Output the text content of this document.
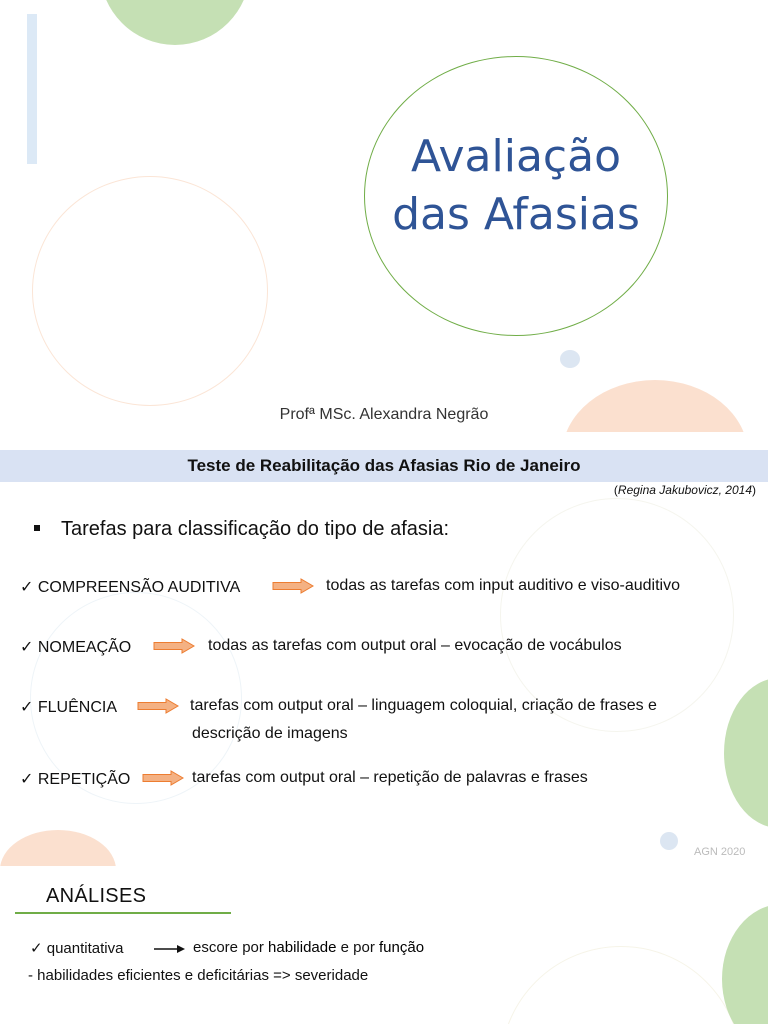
Avaliação
das Afasias
Profª MSc. Alexandra Negrão
Teste de Reabilitação das Afasias Rio de Janeiro
(Regina Jakubovicz, 2014)
Tarefas para classificação do tipo de afasia:
✓ COMPREENSÃO AUDITIVA	todas as tarefas com input auditivo e viso-auditivo
✓ NOMEAÇÃO	todas as tarefas com output oral – evocação de vocábulos
✓ FLUÊNCIA	tarefas com output oral – linguagem coloquial, criação de frases e
descrição de imagens
✓ REPETIÇÃO	tarefas com output oral – repetição de palavras e frases
AGN 2020
ANÁLISES
✓ quantitativa	escore por habilidade e por função
- habilidades eficientes e deficitárias => severidade
